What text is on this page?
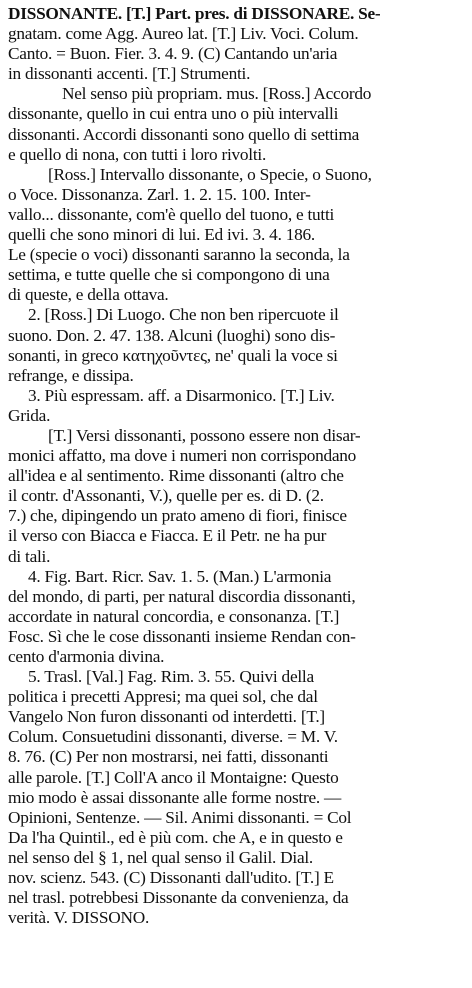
DISSONANTE. [T.] Part. pres. di DISSONARE. Se-
gnatam. come Agg. Aureo lat. [T.] Liv. Voci. Colum.
Canto. = Buon. Fier. 3. 4. 9. (C) Cantando un'aria
in dissonanti accenti. [T.] Strumenti.
Nel senso più propriam. mus. [Ross.] Accordo
dissonante, quello in cui entra uno o più intervalli
dissonanti. Accordi dissonanti sono quello di settima
e quello di nona, con tutti i loro rivolti.
[Ross.] Intervallo dissonante, o Specie, o Suono,
o Voce. Dissonanza. Zarl. 1. 2. 15. 100. Inter-
vallo... dissonante, com'è quello del tuono, e tutti
quelli che sono minori di lui. Ed ivi. 3. 4. 186.
Le (specie o voci) dissonanti saranno la seconda, la
settima, e tutte quelle che si compongono di una
di queste, e della ottava.
2. [Ross.] Di Luogo. Che non ben ripercuote il
suono. Don. 2. 47. 138. Alcuni (luoghi) sono dis-
sonanti, in greco κατηχοῦντες, ne' quali la voce si
refrange, e dissipa.
3. Più espressam. aff. a Disarmonico. [T.] Liv.
Grida.
[T.] Versi dissonanti, possono essere non disar-
monici affatto, ma dove i numeri non corrispondano
all'idea e al sentimento. Rime dissonanti (altro che
il contr. d'Assonanti, V.), quelle per es. di D. (2.
7.) che, dipingendo un prato ameno di fiori, finisce
il verso con Biacca e Fiacca. E il Petr. ne ha pur
di tali.
4. Fig. Bart. Ricr. Sav. 1. 5. (Man.) L'armonia
del mondo, di parti, per natural discordia dissonanti,
accordate in natural concordia, e consonanza. [T.]
Fosc. Sì che le cose dissonanti insieme Rendan con-
cento d'armonia divina.
5. Trasl. [Val.] Fag. Rim. 3. 55. Quivi della
politica i precetti Appresi; ma quei sol, che dal
Vangelo Non furon dissonanti od interdetti. [T.]
Colum. Consuetudini dissonanti, diverse. = M. V.
8. 76. (C) Per non mostrarsi, nei fatti, dissonanti
alle parole. [T.] Coll'A anco il Montaigne: Questo
mio modo è assai dissonante alle forme nostre. —
Opinioni, Sentenze. — Sil. Animi dissonanti. = Col
Da l'ha Quintil., ed è più com. che A, e in questo e
nel senso del § 1, nel qual senso il Galil. Dial.
nov. scienz. 543. (C) Dissonanti dall'udito. [T.] E
nel trasl. potrebbesi Dissonante da convenienza, da
verità. V. DISSONO.
